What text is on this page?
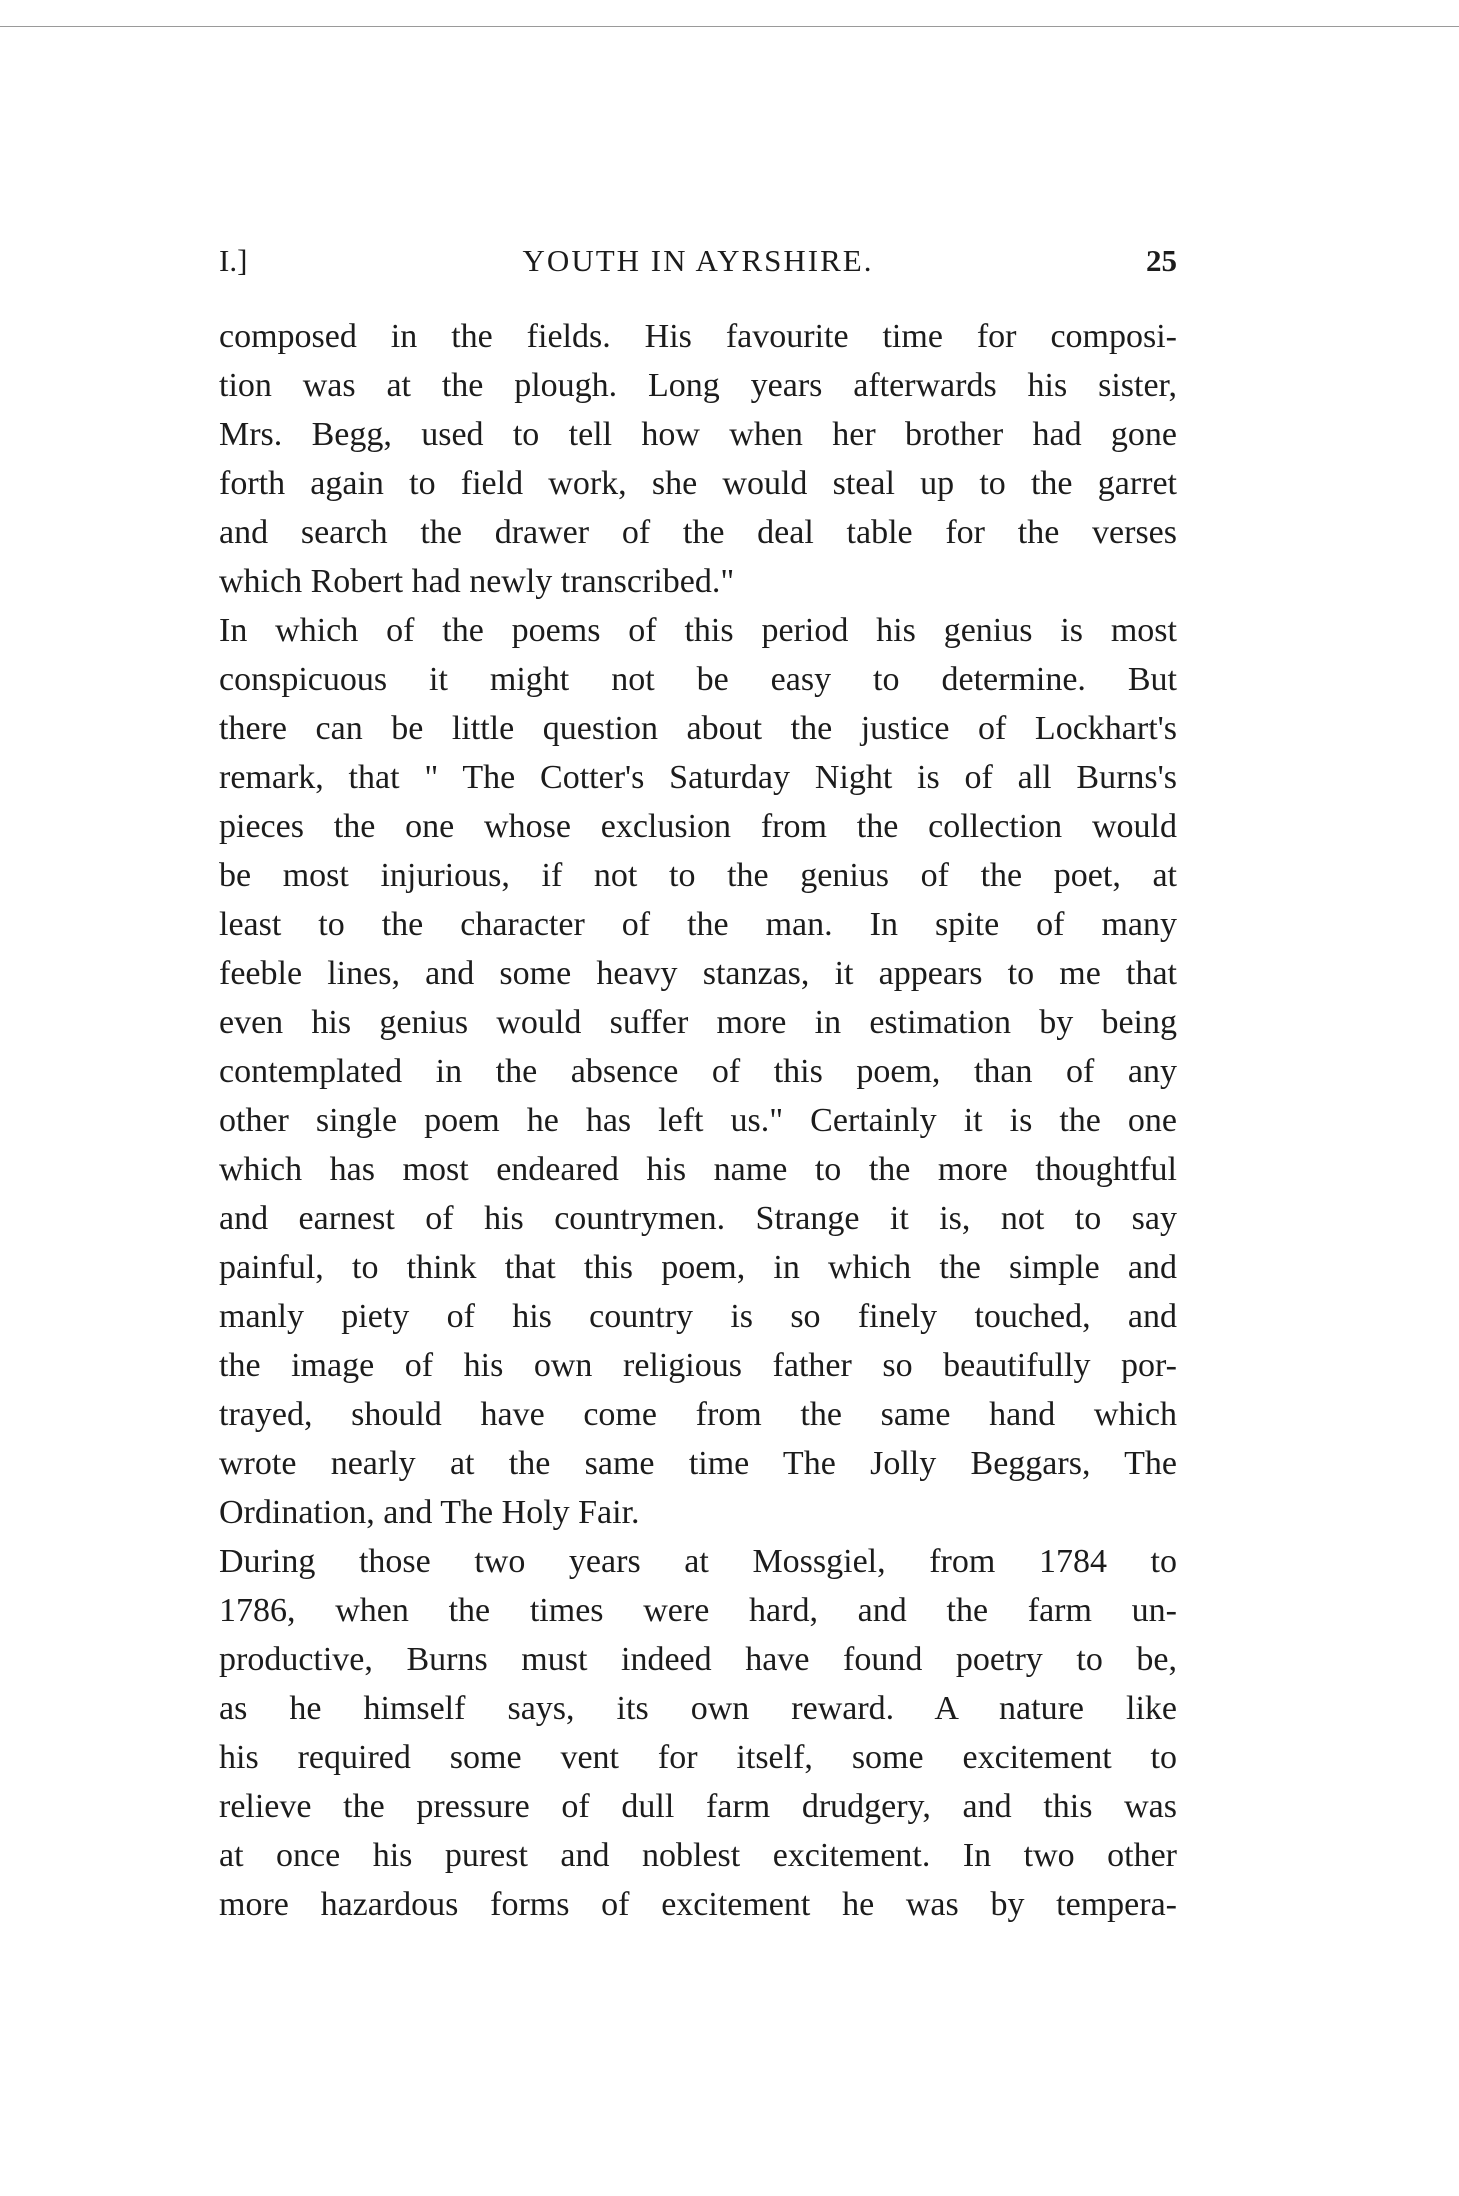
I.]	YOUTH IN AYRSHIRE.	25

composed in the fields. His favourite time for composi-
tion was at the plough. Long years afterwards his sister,
Mrs. Begg, used to tell how when her brother had gone
forth again to field work, she would steal up to the garret
and search the drawer of the deal table for the verses
which Robert had newly transcribed."

In which of the poems of this period his genius is most
conspicuous it might not be easy to determine. But
there can be little question about the justice of Lockhart's
remark, that " The Cotter's Saturday Night is of all Burns's
pieces the one whose exclusion from the collection would
be most injurious, if not to the genius of the poet, at
least to the character of the man. In spite of many
feeble lines, and some heavy stanzas, it appears to me that
even his genius would suffer more in estimation by being
contemplated in the absence of this poem, than of any
other single poem he has left us." Certainly it is the one
which has most endeared his name to the more thoughtful
and earnest of his countrymen. Strange it is, not to say
painful, to think that this poem, in which the simple and
manly piety of his country is so finely touched, and
the image of his own religious father so beautifully por-
trayed, should have come from the same hand which
wrote nearly at the same time The Jolly Beggars, The
Ordination, and The Holy Fair.

During those two years at Mossgiel, from 1784 to
1786, when the times were hard, and the farm un-
productive, Burns must indeed have found poetry to be,
as he himself says, its own reward. A nature like
his required some vent for itself, some excitement to
relieve the pressure of dull farm drudgery, and this was
at once his purest and noblest excitement. In two other
more hazardous forms of excitement he was by tempera-
